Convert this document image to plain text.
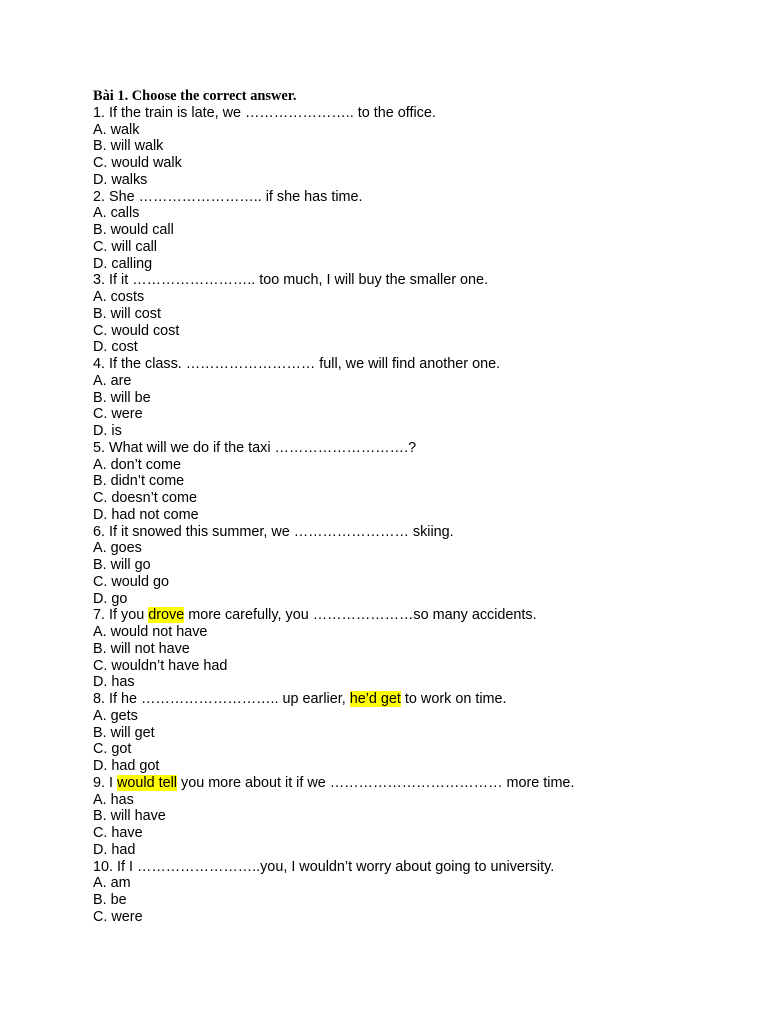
Bài 1. Choose the correct answer.
1. If the train is late, we ………………….. to the office.
A. walk
B. will walk
C. would walk
D. walks
2. She …………………….. if she has time.
A. calls
B. would call
C. will call
D. calling
3. If it …………………….. too much, I will buy the smaller one.
A. costs
B. will cost
C. would cost
D. cost
4. If the class. ……………………… full, we will find another one.
A. are
B. will be
C. were
D. is
5. What will we do if the taxi ……………………….?
A. don’t come
B. didn’t come
C. doesn’t come
D. had not come
6. If it snowed this summer, we …………………… skiing.
A. goes
B. will go
C. would go
D. go
7. If you drove more carefully, you …………………so many accidents.
A. would not have
B. will not have
C. wouldn’t have had
D. has
8. If he ……………………….. up earlier, he’d get to work on time.
A. gets
B. will get
C. got
D. had got
9. I would tell you more about it if we ……………………………… more time.
A. has
B. will have
C. have
D. had
10. If I ……………………..you, I wouldn’t worry about going to university.
A. am
B. be
C. were
